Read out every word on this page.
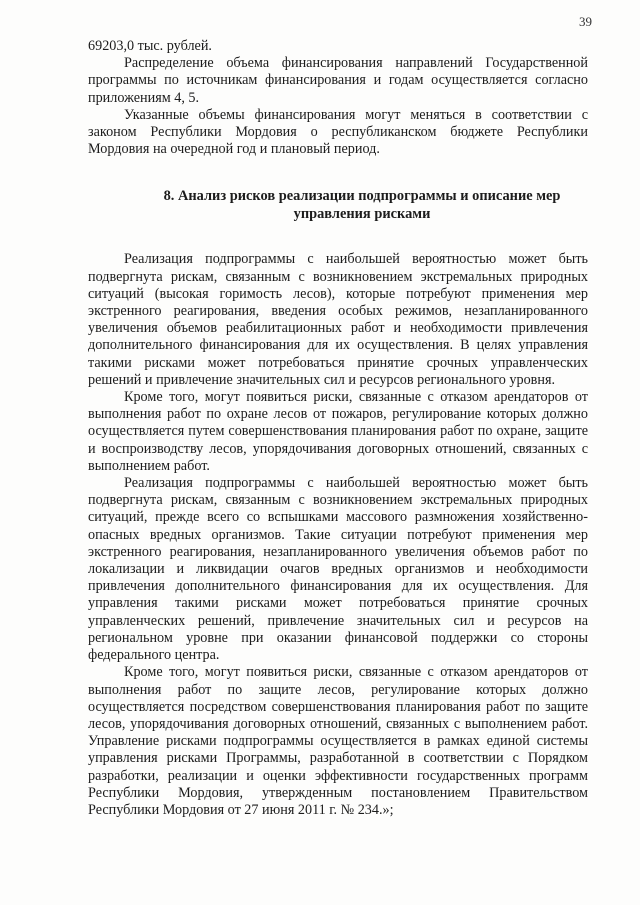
39

69203,0 тыс. рублей.

Распределение объема финансирования направлений Государственной программы по источникам финансирования и годам осуществляется согласно приложениям 4, 5.

Указанные объемы финансирования могут меняться в соответствии с законом Республики Мордовия о республиканском бюджете Республики Мордовия на очередной год и плановый период.

8. Анализ рисков реализации подпрограммы и описание мер управления рисками

Реализация подпрограммы с наибольшей вероятностью может быть подвергнута рискам, связанным с возникновением экстремальных природных ситуаций (высокая горимость лесов), которые потребуют применения мер экстренного реагирования, введения особых режимов, незапланированного увеличения объемов реабилитационных работ и необходимости привлечения дополнительного финансирования для их осуществления. В целях управления такими рисками может потребоваться принятие срочных управленческих решений и привлечение значительных сил и ресурсов регионального уровня.

Кроме того, могут появиться риски, связанные с отказом арендаторов от выполнения работ по охране лесов от пожаров, регулирование которых должно осуществляется путем совершенствования планирования работ по охране, защите и воспроизводству лесов, упорядочивания договорных отношений, связанных с выполнением работ.

Реализация подпрограммы с наибольшей вероятностью может быть подвергнута рискам, связанным с возникновением экстремальных природных ситуаций, прежде всего со вспышками массового размножения хозяйственно-опасных вредных организмов. Такие ситуации потребуют применения мер экстренного реагирования, незапланированного увеличения объемов работ по локализации и ликвидации очагов вредных организмов и необходимости привлечения дополнительного финансирования для их осуществления. Для управления такими рисками может потребоваться принятие срочных управленческих решений, привлечение значительных сил и ресурсов на региональном уровне при оказании финансовой поддержки со стороны федерального центра.

Кроме того, могут появиться риски, связанные с отказом арендаторов от выполнения работ по защите лесов, регулирование которых должно осуществляется посредством совершенствования планирования работ по защите лесов, упорядочивания договорных отношений, связанных с выполнением работ. Управление рисками подпрограммы осуществляется в рамках единой системы управления рисками Программы, разработанной в соответствии с Порядком разработки, реализации и оценки эффективности государственных программ Республики Мордовия, утвержденным постановлением Правительством Республики Мордовия от 27 июня 2011 г. № 234.»;
